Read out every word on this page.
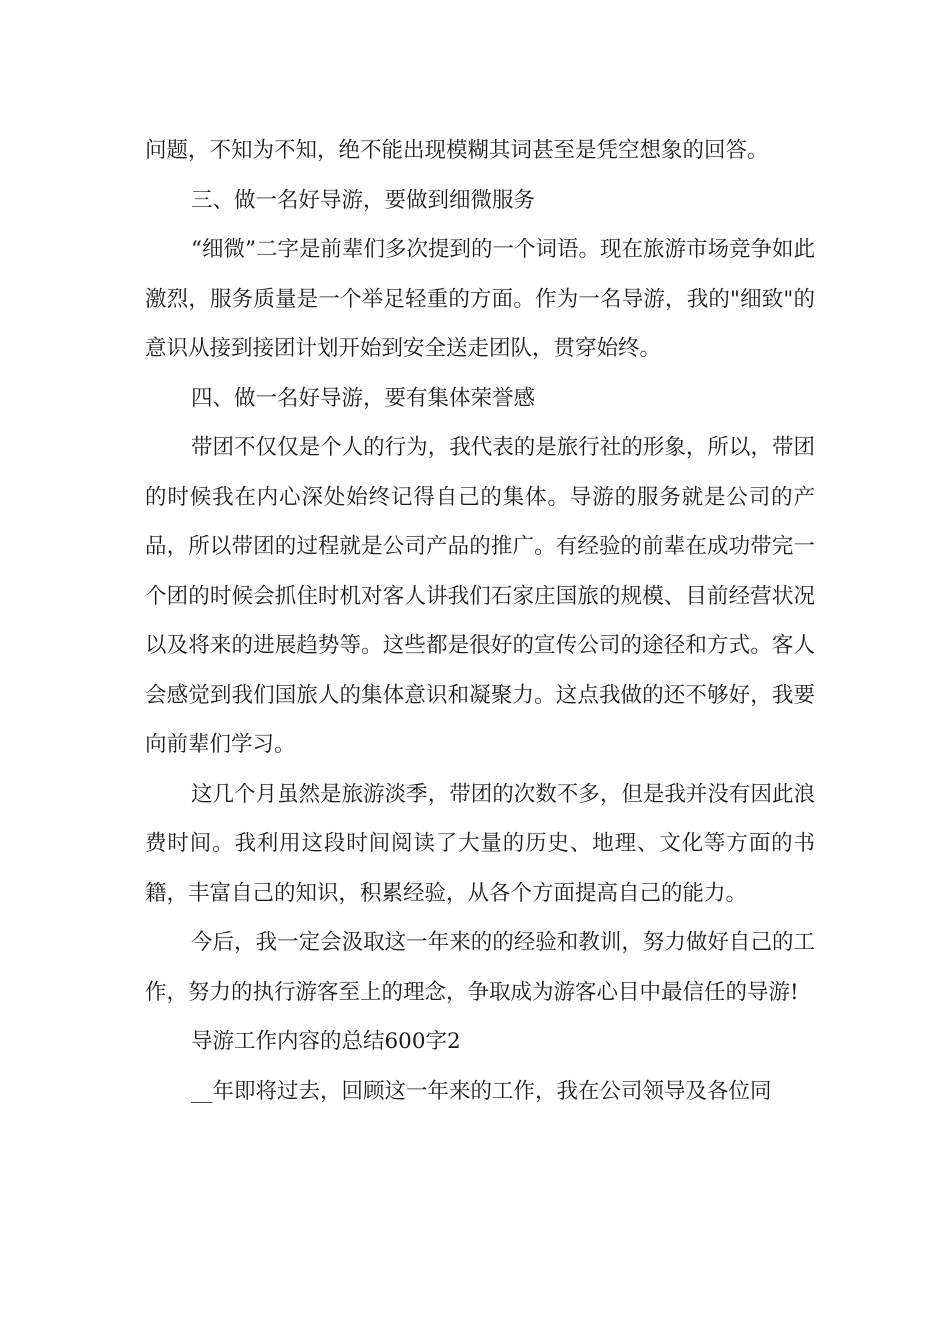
问题，不知为不知，绝不能出现模糊其词甚至是凭空想象的回答。

三、做一名好导游，要做到细微服务

“细微”二字是前辈们多次提到的一个词语。现在旅游市场竞争如此激烈，服务质量是一个举足轻重的方面。作为一名导游，我的"细致"的意识从接到接团计划开始到安全送走团队，贯穿始终。

四、做一名好导游，要有集体荣誉感

带团不仅仅是个人的行为，我代表的是旅行社的形象，所以，带团的时候我在内心深处始终记得自己的集体。导游的服务就是公司的产品，所以带团的过程就是公司产品的推广。有经验的前辈在成功带完一个团的时候会抓住时机对客人讲我们石家庄国旅的规模、目前经营状况以及将来的进展趋势等。这些都是很好的宣传公司的途径和方式。客人会感觉到我们国旅人的集体意识和凝聚力。这点我做的还不够好，我要向前辈们学习。

这几个月虽然是旅游淡季，带团的次数不多，但是我并没有因此浪费时间。我利用这段时间阅读了大量的历史、地理、文化等方面的书籍，丰富自己的知识，积累经验，从各个方面提高自己的能力。

今后，我一定会汲取这一年来的的经验和教训，努力做好自己的工作，努力的执行游客至上的理念，争取成为游客心目中最信任的导游!

导游工作内容的总结600字2

__年即将过去，回顾这一年来的工作，我在公司领导及各位同
